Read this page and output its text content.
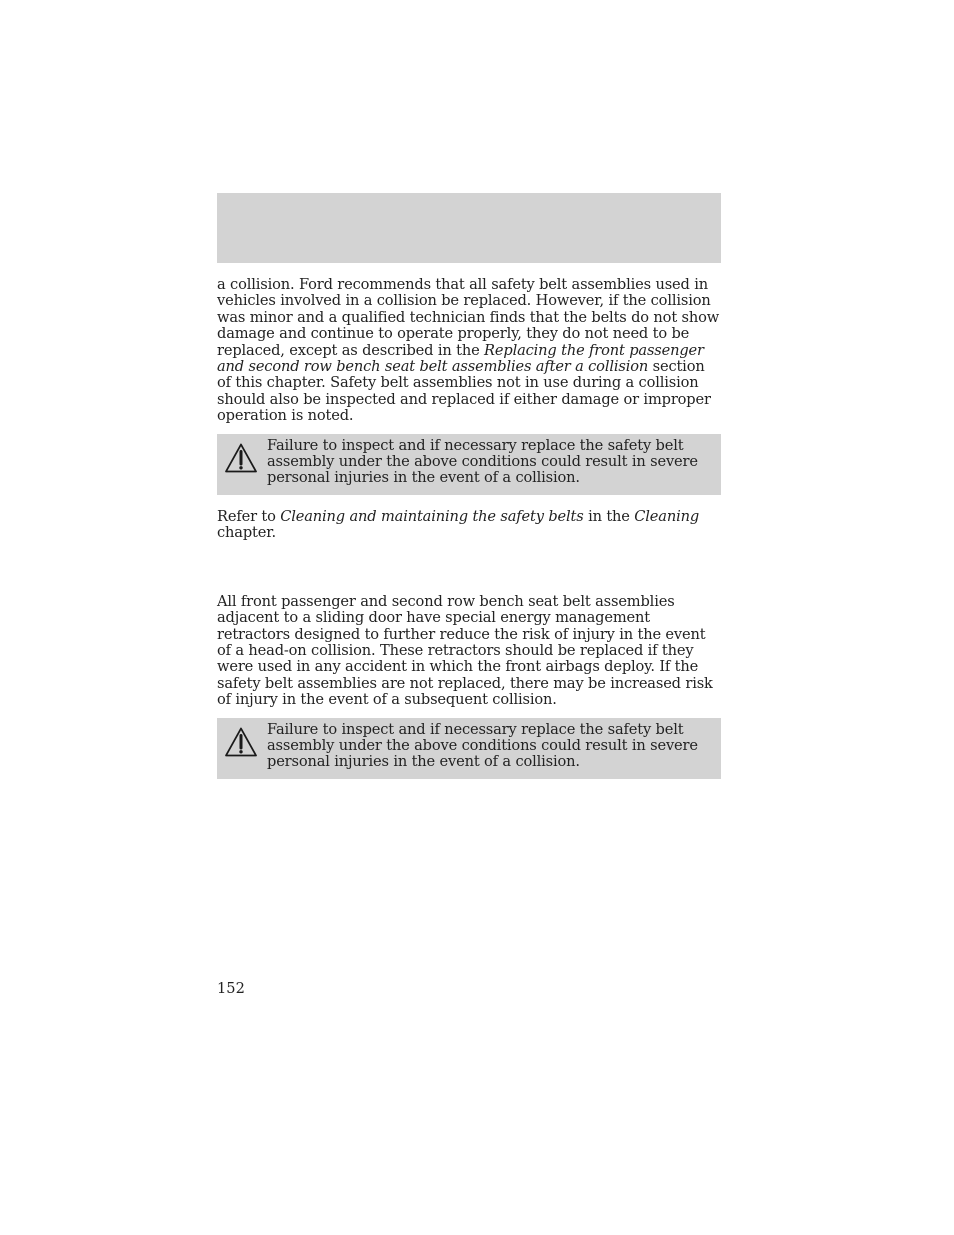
a collision. Ford recommends that all safety belt assemblies used in vehicles involved in a collision be replaced. However, if the collision was minor and a qualified technician finds that the belts do not show damage and continue to operate properly, they do not need to be replaced, except as described in the Replacing the front passenger and second row bench seat belt assemblies after a collision section of this chapter. Safety belt assemblies not in use during a collision should also be inspected and replaced if either damage or improper operation is noted.

Failure to inspect and if necessary replace the safety belt assembly under the above conditions could result in severe personal injuries in the event of a collision.

Refer to Cleaning and maintaining the safety belts in the Cleaning chapter.

All front passenger and second row bench seat belt assemblies adjacent to a sliding door have special energy management retractors designed to further reduce the risk of injury in the event of a head-on collision. These retractors should be replaced if they were used in any accident in which the front airbags deploy. If the safety belt assemblies are not replaced, there may be increased risk of injury in the event of a subsequent collision.

Failure to inspect and if necessary replace the safety belt assembly under the above conditions could result in severe personal injuries in the event of a collision.
152
